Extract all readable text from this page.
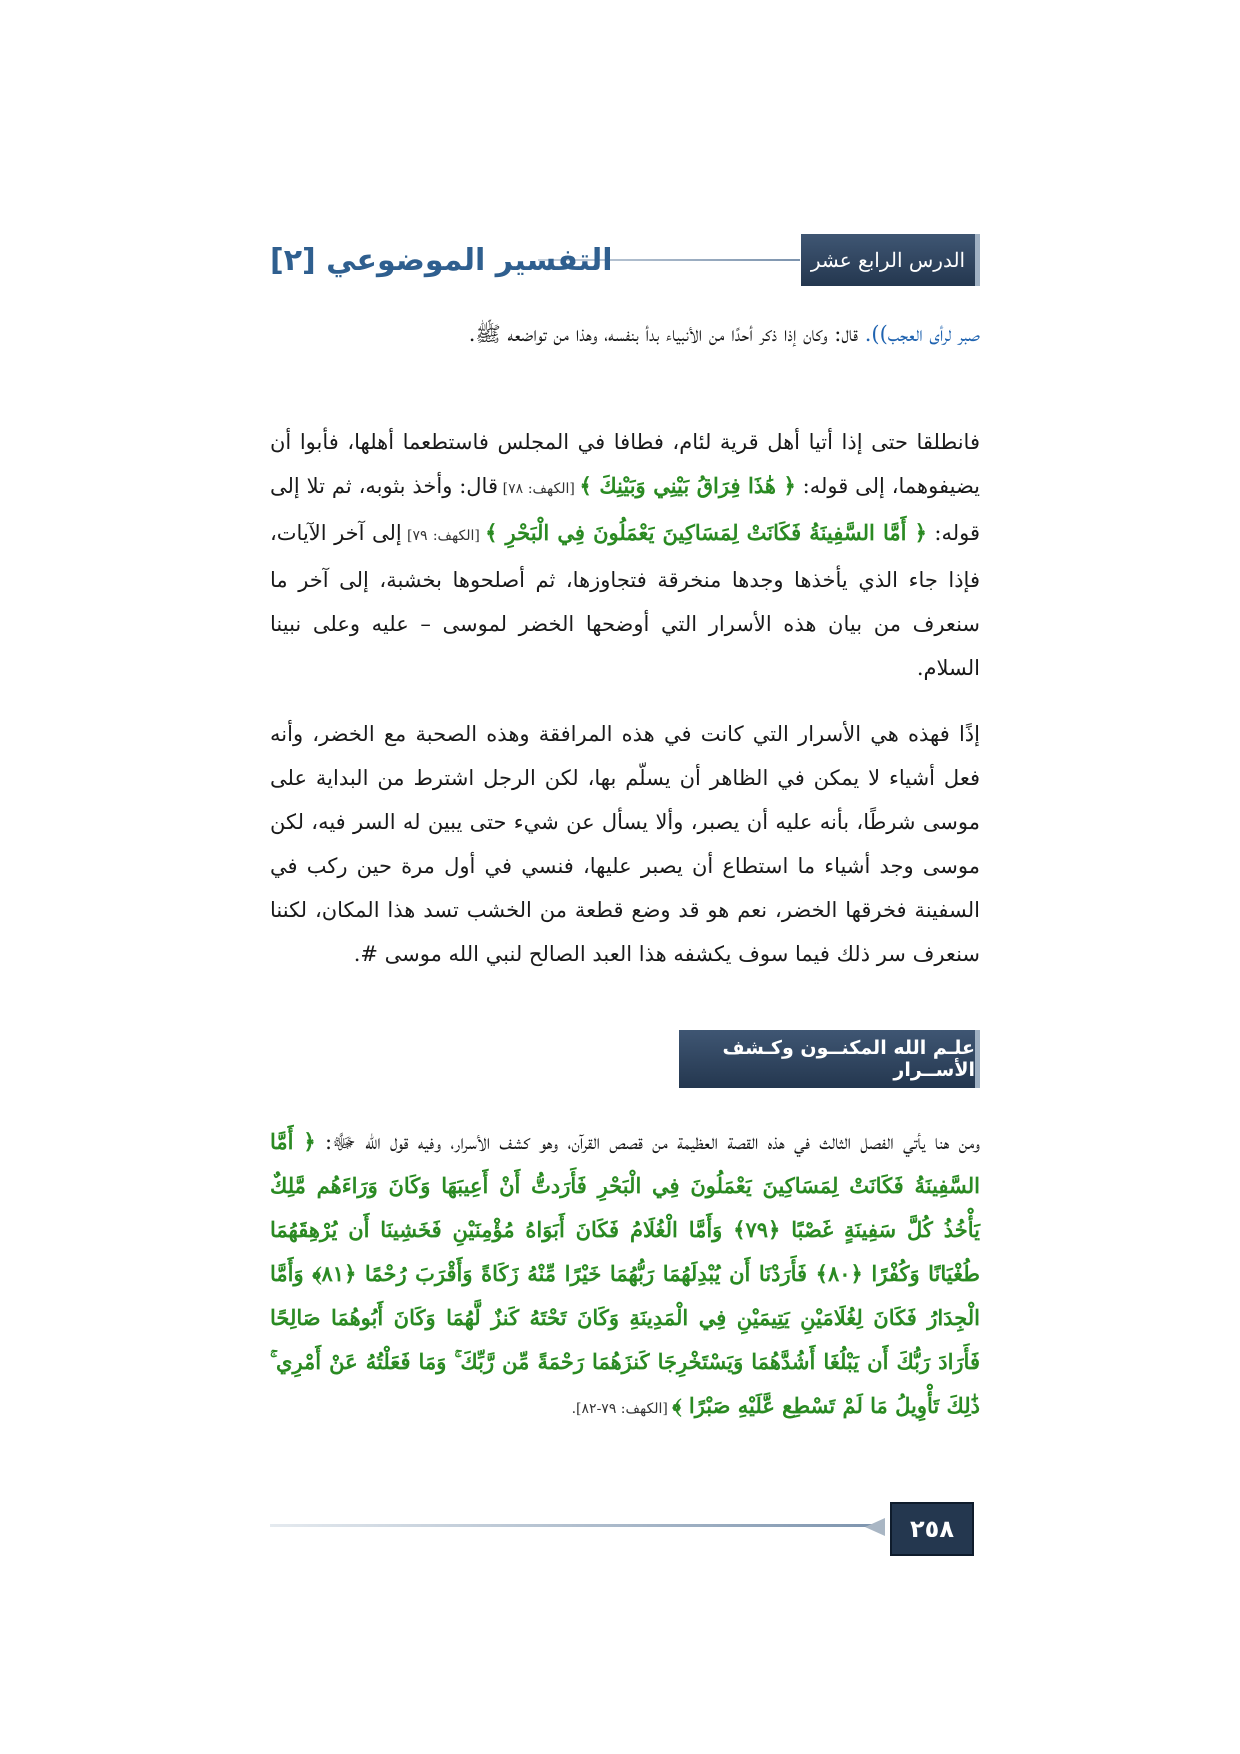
الدرس الرابع عشر
التفسير الموضوعي [٢]

صبر لرأى العجب)). قال: وكان إذا ذكر أحدًا من الأنبياء بدأ بنفسه، وهذا من تواضعه ﷺ.

فانطلقا حتى إذا أتيا أهل قرية لئام، فطافا في المجلس فاستطعما أهلها، فأبوا أن يضيفوهما، إلى قوله: ﴿ هَٰذَا فِرَاقُ بَيْنِي وَبَيْنِكَ ﴾ [الكهف: ٧٨] قال: وأخذ بثوبه، ثم تلا إلى قوله: ﴿ أَمَّا السَّفِينَةُ فَكَانَتْ لِمَسَاكِينَ يَعْمَلُونَ فِي الْبَحْرِ ﴾ [الكهف: ٧٩] إلى آخر الآيات، فإذا جاء الذي يأخذها وجدها منخرقة فتجاوزها، ثم أصلحوها بخشبة، إلى آخر ما سنعرف من بيان هذه الأسرار التي أوضحها الخضر لموسى – عليه وعلى نبينا السلام.

إذًا فهذه هي الأسرار التي كانت في هذه المرافقة وهذه الصحبة مع الخضر، وأنه فعل أشياء لا يمكن في الظاهر أن يسلّم بها، لكن الرجل اشترط من البداية على موسى شرطًا، بأنه عليه أن يصبر، وألا يسأل عن شيء حتى يبين له السر فيه، لكن موسى وجد أشياء ما استطاع أن يصبر عليها، فنسي في أول مرة حين ركب في السفينة فخرقها الخضر، نعم هو قد وضع قطعة من الخشب تسد هذا المكان، لكننا سنعرف سر ذلك فيما سوف يكشفه هذا العبد الصالح لنبي الله موسى #.

علـم الله المكنــون وكـشف الأســرار

ومن هنا يأتي الفصل الثالث في هذه القصة العظيمة من قصص القرآن، وهو كشف الأسرار، وفيه قول الله ﷻ: ﴿ أَمَّا السَّفِينَةُ فَكَانَتْ لِمَسَاكِينَ يَعْمَلُونَ فِي الْبَحْرِ فَأَرَدتُّ أَنْ أَعِيبَهَا وَكَانَ وَرَاءَهُم مَّلِكٌ يَأْخُذُ كُلَّ سَفِينَةٍ غَصْبًا ﴿٧٩﴾ وَأَمَّا الْغُلَامُ فَكَانَ أَبَوَاهُ مُؤْمِنَيْنِ فَخَشِينَا أَن يُرْهِقَهُمَا طُغْيَانًا وَكُفْرًا ﴿٨٠﴾ فَأَرَدْنَا أَن يُبْدِلَهُمَا رَبُّهُمَا خَيْرًا مِّنْهُ زَكَاةً وَأَقْرَبَ رُحْمًا ﴿٨١﴾ وَأَمَّا الْجِدَارُ فَكَانَ لِغُلَامَيْنِ يَتِيمَيْنِ فِي الْمَدِينَةِ وَكَانَ تَحْتَهُ كَنزٌ لَّهُمَا وَكَانَ أَبُوهُمَا صَالِحًا فَأَرَادَ رَبُّكَ أَن يَبْلُغَا أَشُدَّهُمَا وَيَسْتَخْرِجَا كَنزَهُمَا رَحْمَةً مِّن رَّبِّكَ ۚ وَمَا فَعَلْتُهُ عَنْ أَمْرِي ۚ ذَٰلِكَ تَأْوِيلُ مَا لَمْ تَسْطِع عَّلَيْهِ صَبْرًا ﴾ [الكهف: ٧٩-٨٢].

٢٥٨
